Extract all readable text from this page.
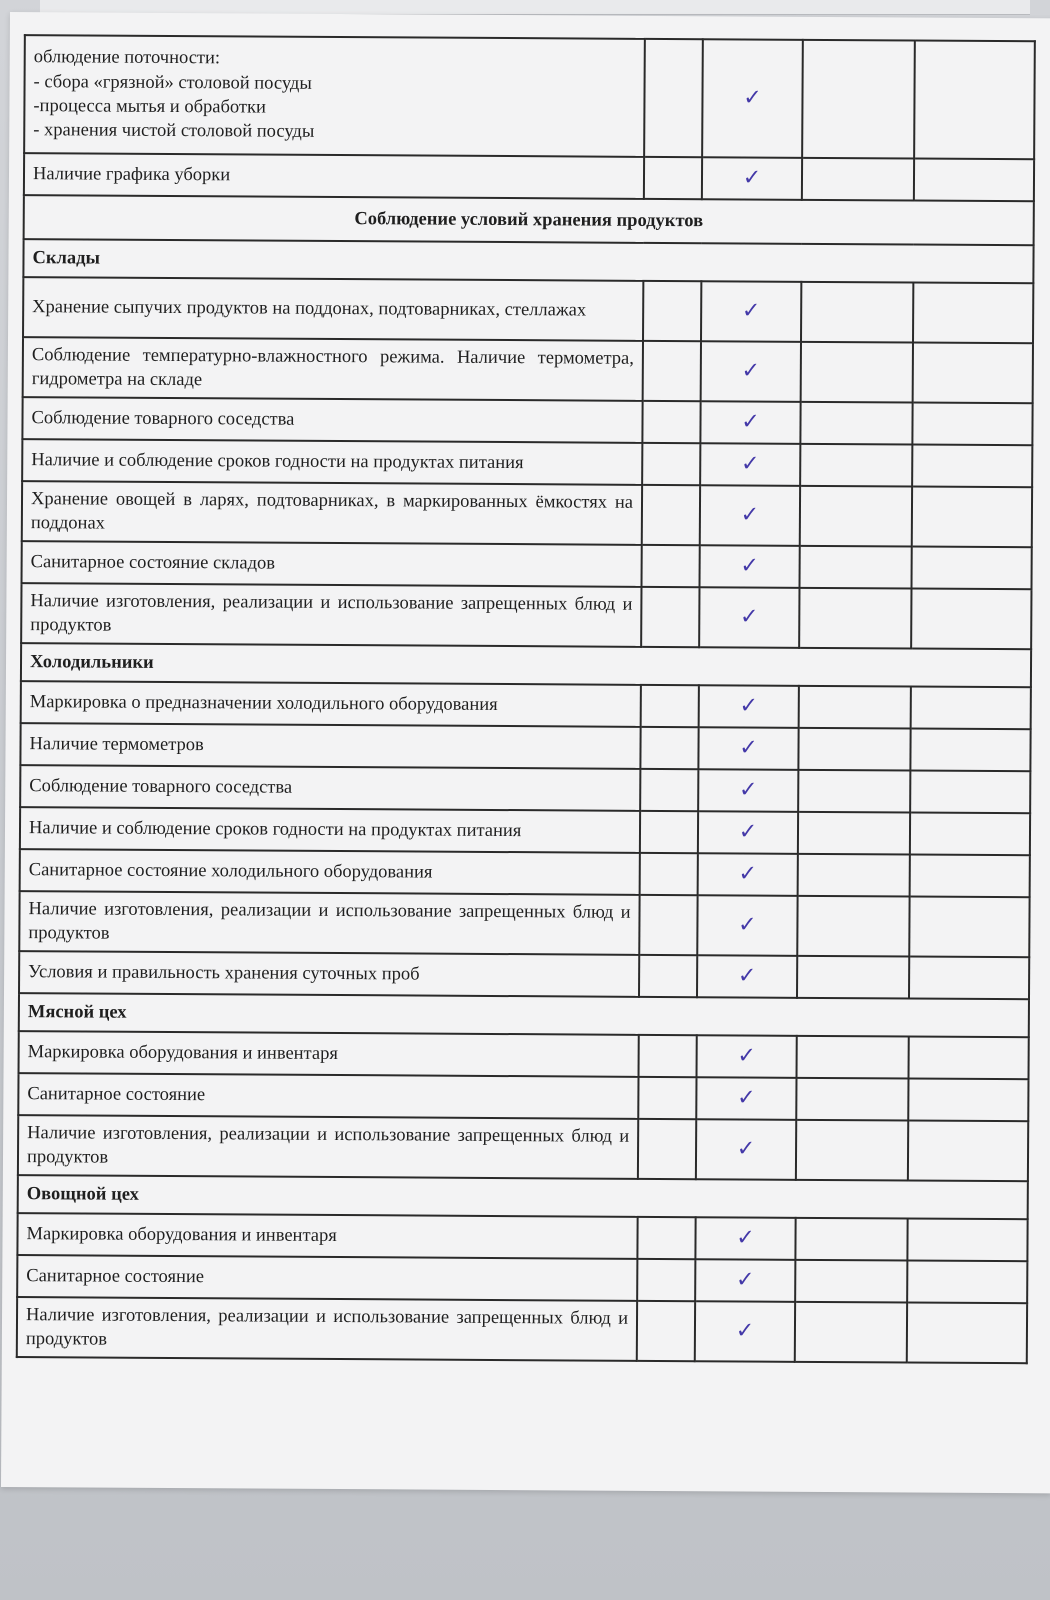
облюдение поточности:
- сбора «грязной» столовой посуды
-процесса мытья и обработки
- хранения чистой столовой посуды		✓		
Наличие графика уборки		✓		
Соблюдение условий хранения продуктов				
Склады				
Хранение сыпучих продуктов на поддонах, подтоварниках, стеллажах		✓		
Соблюдение температурно-влажностного режима. Наличие термометра, гидрометра на складе		✓		
Соблюдение товарного соседства		✓		
Наличие и соблюдение сроков годности на продуктах питания		✓		
Хранение овощей в ларях, подтоварниках, в маркированных ёмкостях на поддонах		✓		
Санитарное состояние складов		✓		
Наличие изготовления, реализации и использование запрещенных блюд и продуктов		✓		
Холодильники				
Маркировка о предназначении холодильного оборудования		✓		
Наличие термометров		✓		
Соблюдение товарного соседства		✓		
Наличие и соблюдение сроков годности на продуктах питания		✓		
Санитарное состояние холодильного оборудования		✓		
Наличие изготовления, реализации и использование запрещенных блюд и продуктов		✓		
Условия и правильность хранения суточных проб		✓		
Мясной цех				
Маркировка оборудования и инвентаря		✓		
Санитарное состояние		✓		
Наличие изготовления, реализации и использование запрещенных блюд и продуктов		✓		
Овощной цех				
Маркировка оборудования и инвентаря		✓		
Санитарное состояние		✓		
Наличие изготовления, реализации и использование запрещенных блюд и продуктов		✓		
